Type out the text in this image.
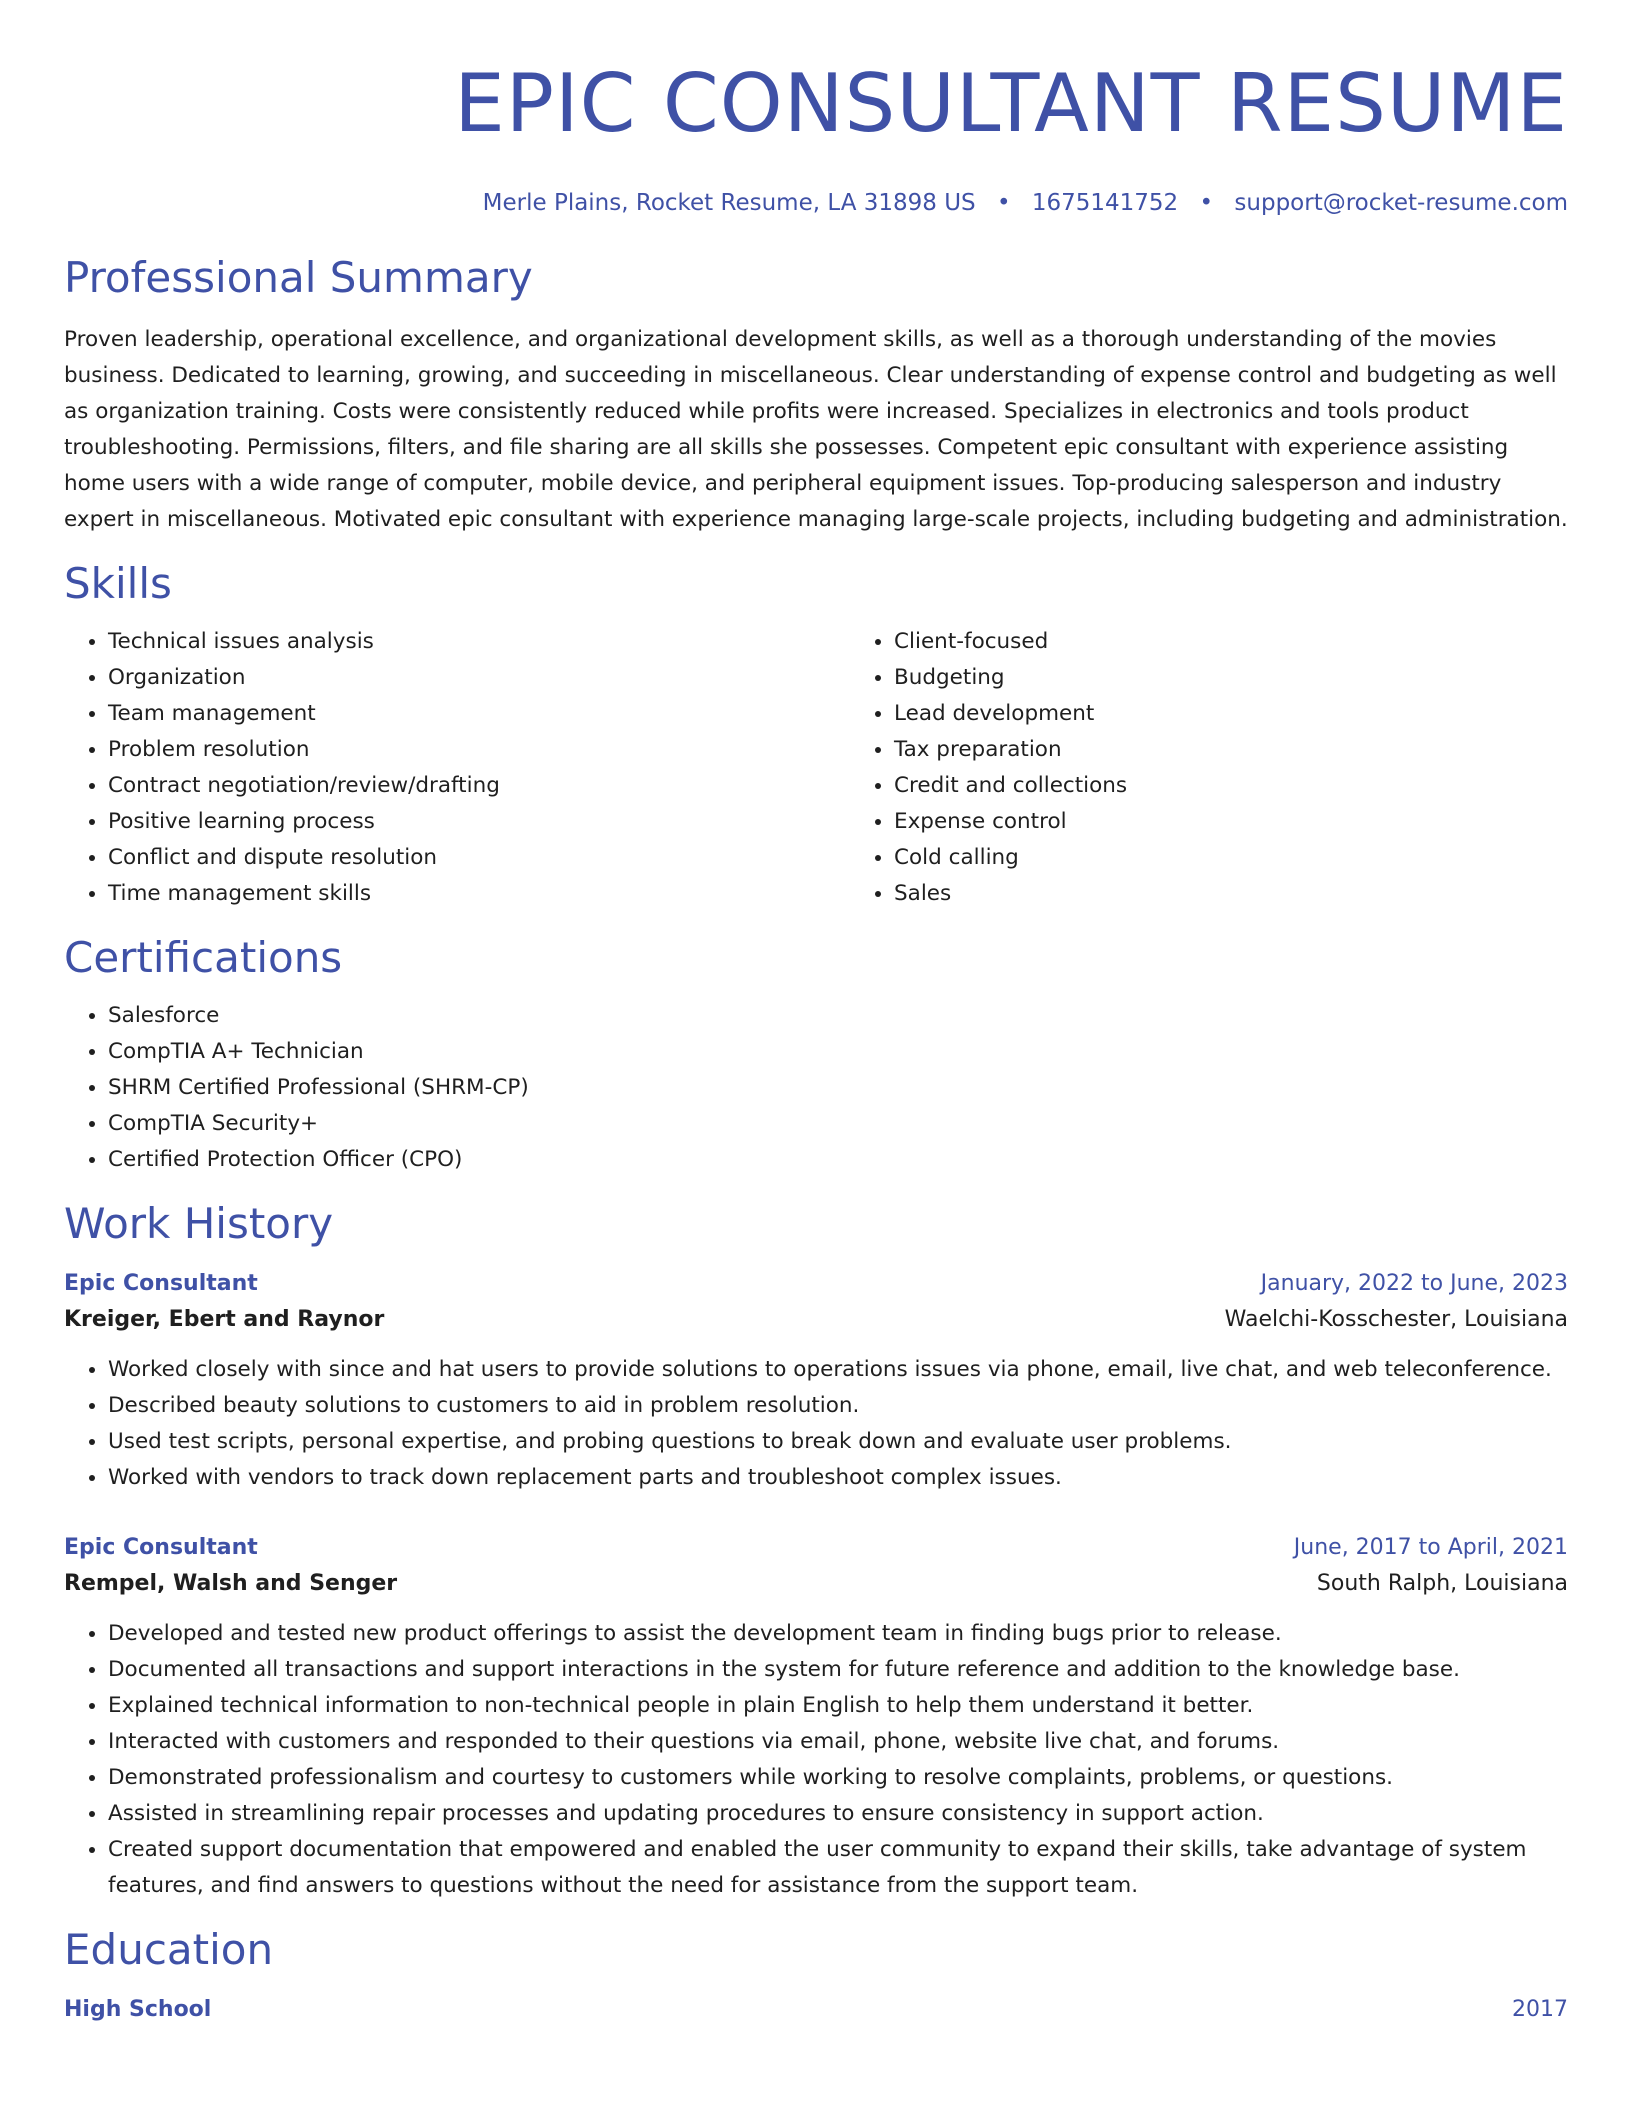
EPIC CONSULTANT RESUME
Merle Plains, Rocket Resume, LA 31898 US • 1675141752 • support@rocket-resume.com
Professional Summary

Proven leadership, operational excellence, and organizational development skills, as well as a thorough understanding of the movies business. Dedicated to learning, growing, and succeeding in miscellaneous. Clear understanding of expense control and budgeting as well as organization training. Costs were consistently reduced while profits were increased. Specializes in electronics and tools product troubleshooting. Permissions, filters, and file sharing are all skills she possesses. Competent epic consultant with experience assisting home users with a wide range of computer, mobile device, and peripheral equipment issues. Top-producing salesperson and industry expert in miscellaneous. Motivated epic consultant with experience managing large-scale projects, including budgeting and administration.

Skills
• Technical issues analysis
• Organization
• Team management
• Problem resolution
• Contract negotiation/review/drafting
• Positive learning process
• Conflict and dispute resolution
• Time management skills
• Client-focused
• Budgeting
• Lead development
• Tax preparation
• Credit and collections
• Expense control
• Cold calling
• Sales
Certifications
• Salesforce
• CompTIA A+ Technician
• SHRM Certified Professional (SHRM-CP)
• CompTIA Security+
• Certified Protection Officer (CPO)
Work History
Epic Consultant	January, 2022 to June, 2023
Kreiger, Ebert and Raynor	Waelchi-Kosschester, Louisiana
• Worked closely with since and hat users to provide solutions to operations issues via phone, email, live chat, and web teleconference.
• Described beauty solutions to customers to aid in problem resolution.
• Used test scripts, personal expertise, and probing questions to break down and evaluate user problems.
• Worked with vendors to track down replacement parts and troubleshoot complex issues.
Epic Consultant	June, 2017 to April, 2021
Rempel, Walsh and Senger	South Ralph, Louisiana
• Developed and tested new product offerings to assist the development team in finding bugs prior to release.
• Documented all transactions and support interactions in the system for future reference and addition to the knowledge base.
• Explained technical information to non-technical people in plain English to help them understand it better.
• Interacted with customers and responded to their questions via email, phone, website live chat, and forums.
• Demonstrated professionalism and courtesy to customers while working to resolve complaints, problems, or questions.
• Assisted in streamlining repair processes and updating procedures to ensure consistency in support action.
• Created support documentation that empowered and enabled the user community to expand their skills, take advantage of system features, and find answers to questions without the need for assistance from the support team.
Education
High School	2017
